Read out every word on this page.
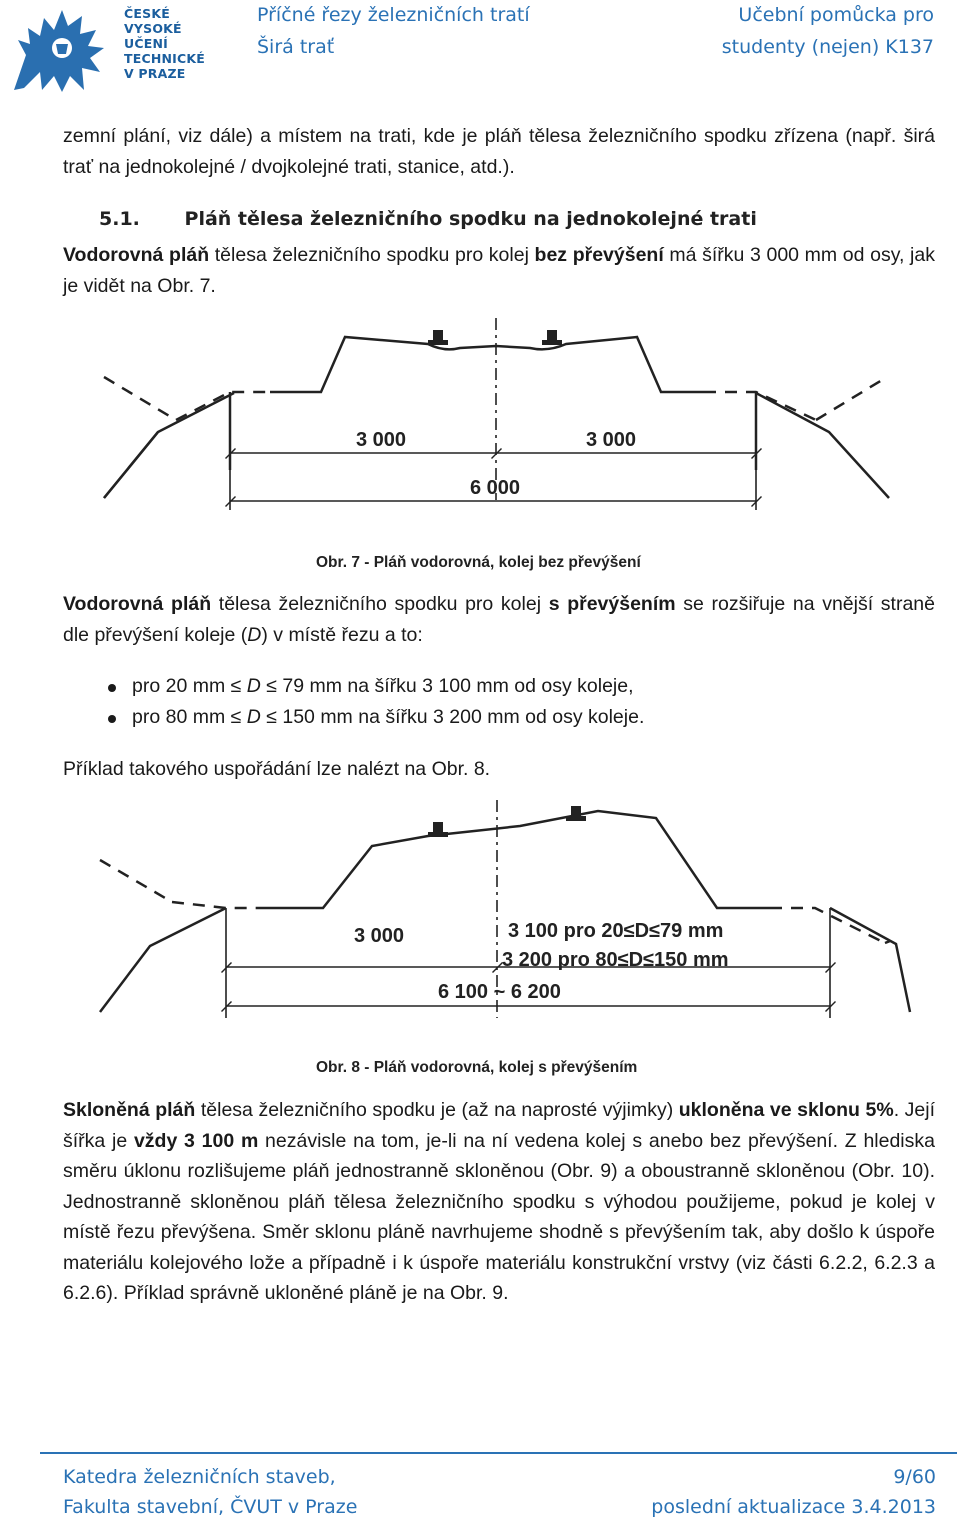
ČESKÉ
VYSOKÉ
UČENÍ
TECHNICKÉ
V PRAZE
Příčné řezy železničních tratí
Širá trať
Učební pomůcka pro
studenty (nejen) K137
zemní plání, viz dále) a místem na trati, kde je pláň tělesa železničního spodku zřízena (např. širá trať na jednokolejné / dvojkolejné trati, stanice, atd.).
5.1. Pláň tělesa železničního spodku na jednokolejné trati
Vodorovná pláň tělesa železničního spodku pro kolej bez převýšení má šířku 3 000 mm od osy, jak je vidět na Obr. 7.
3 000	3 000
6 000
Obr. 7 - Pláň vodorovná, kolej bez převýšení
Vodorovná pláň tělesa železničního spodku pro kolej s převýšením se rozšiřuje na vnější straně dle převýšení koleje (D) v místě řezu a to:
pro 20 mm ≤ D ≤ 79 mm na šířku 3 100 mm od osy koleje,
pro 80 mm ≤ D ≤ 150 mm na šířku 3 200 mm od osy koleje.
Příklad takového uspořádání lze nalézt na Obr. 8.
3 000	3 100 pro 20≤D≤79 mm
3 200 pro 80≤D≤150 mm
6 100 ~ 6 200
Obr. 8 - Pláň vodorovná, kolej s převýšením
Skloněná pláň tělesa železničního spodku je (až na naprosté výjimky) ukloněna ve sklonu 5%. Její šířka je vždy 3 100 m nezávisle na tom, je-li na ní vedena kolej s anebo bez převýšení. Z hlediska směru úklonu rozlišujeme pláň jednostranně skloněnou (Obr. 9) a oboustranně skloněnou (Obr. 10). Jednostranně skloněnou pláň tělesa železničního spodku s výhodou použijeme, pokud je kolej v místě řezu převýšena. Směr sklonu pláně navrhujeme shodně s převýšením tak, aby došlo k úspoře materiálu kolejového lože a případně i k úspoře materiálu konstrukční vrstvy (viz části 6.2.2, 6.2.3 a 6.2.6). Příklad správně ukloněné pláně je na Obr. 9.
Katedra železničních staveb,
Fakulta stavební, ČVUT v Praze
9/60
poslední aktualizace 3.4.2013
